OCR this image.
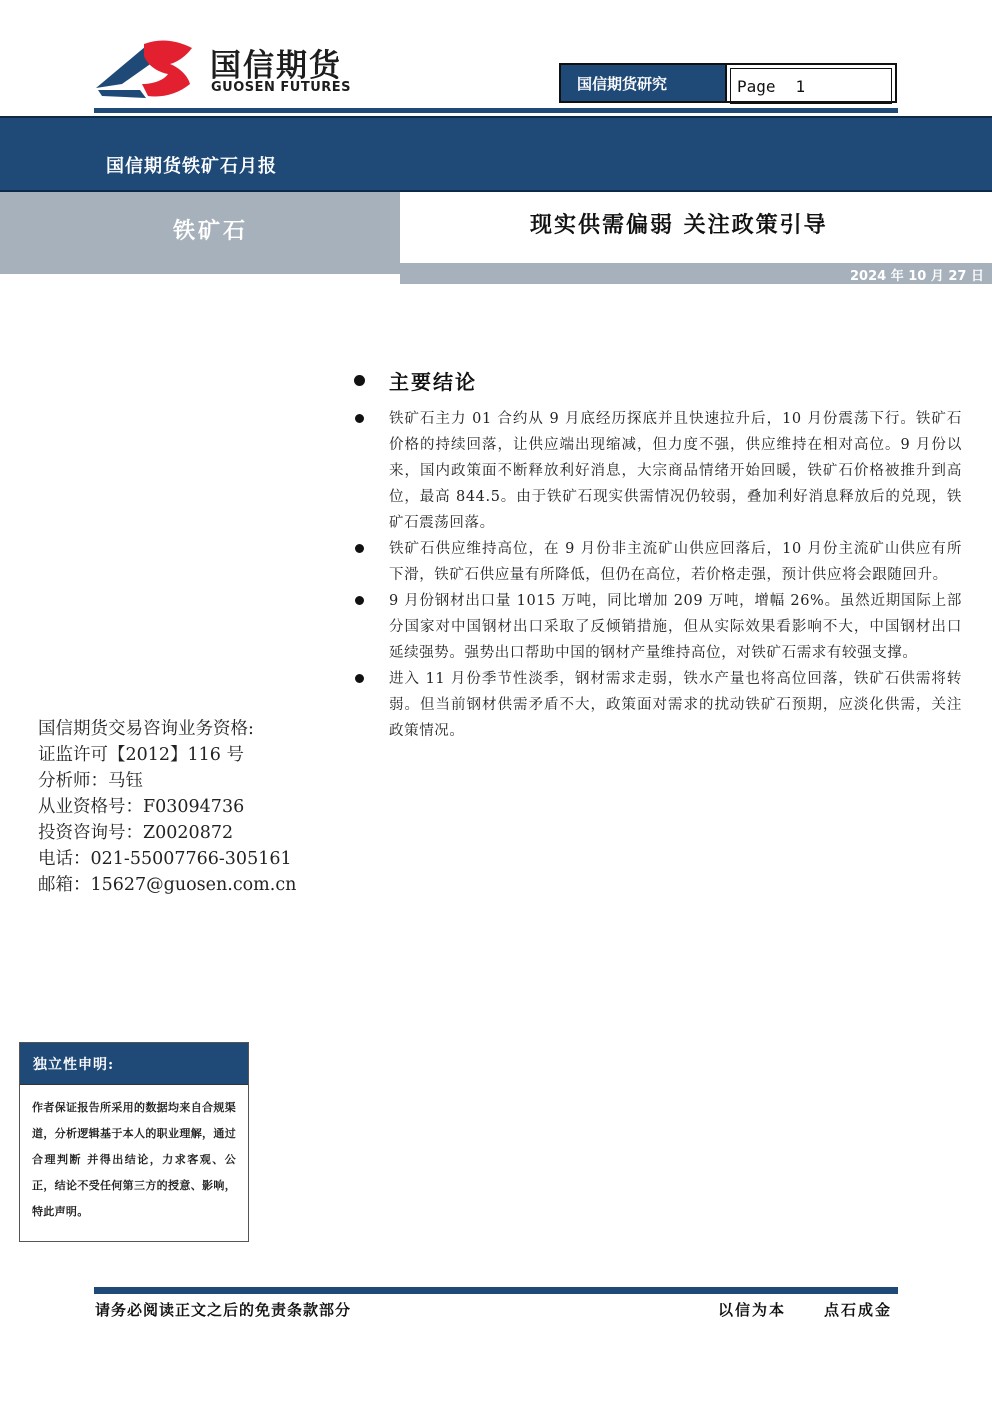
国信期货
GUOSEN FUTURES	国信期货研究	Page 1
国信期货铁矿石月报
铁矿石	现实供需偏弱 关注政策引导
2024 年 10 月 27 日
主要结论
铁矿石主力 01 合约从 9 月底经历探底并且快速拉升后，10 月份震荡下行。铁矿石价格的持续回落，让供应端出现缩减，但力度不强，供应维持在相对高位。9 月份以来，国内政策面不断释放利好消息，大宗商品情绪开始回暖，铁矿石价格被推升到高位，最高 844.5。由于铁矿石现实供需情况仍较弱，叠加利好消息释放后的兑现，铁矿石震荡回落。
铁矿石供应维持高位，在 9 月份非主流矿山供应回落后，10 月份主流矿山供应有所下滑，铁矿石供应量有所降低，但仍在高位，若价格走强，预计供应将会跟随回升。
9 月份钢材出口量 1015 万吨，同比增加 209 万吨，增幅 26%。虽然近期国际上部分国家对中国钢材出口采取了反倾销措施，但从实际效果看影响不大，中国钢材出口延续强势。强势出口帮助中国的钢材产量维持高位，对铁矿石需求有较强支撑。
进入 11 月份季节性淡季，钢材需求走弱，铁水产量也将高位回落，铁矿石供需将转弱。但当前钢材供需矛盾不大，政策面对需求的扰动铁矿石预期，应淡化供需，关注政策情况。
国信期货交易咨询业务资格:
证监许可【2012】116 号
分析师：马钰
从业资格号：F03094736
投资咨询号：Z0020872
电话：021-55007766-305161
邮箱：15627@guosen.com.cn
独立性申明:
作者保证报告所采用的数据均来自合规渠道，分析逻辑基于本人的职业理解，通过合理判断 并得出结论，力求客观、公正，结论不受任何第三方的授意、影响，特此声明。
请务必阅读正文之后的免责条款部分	以信为本	点石成金
